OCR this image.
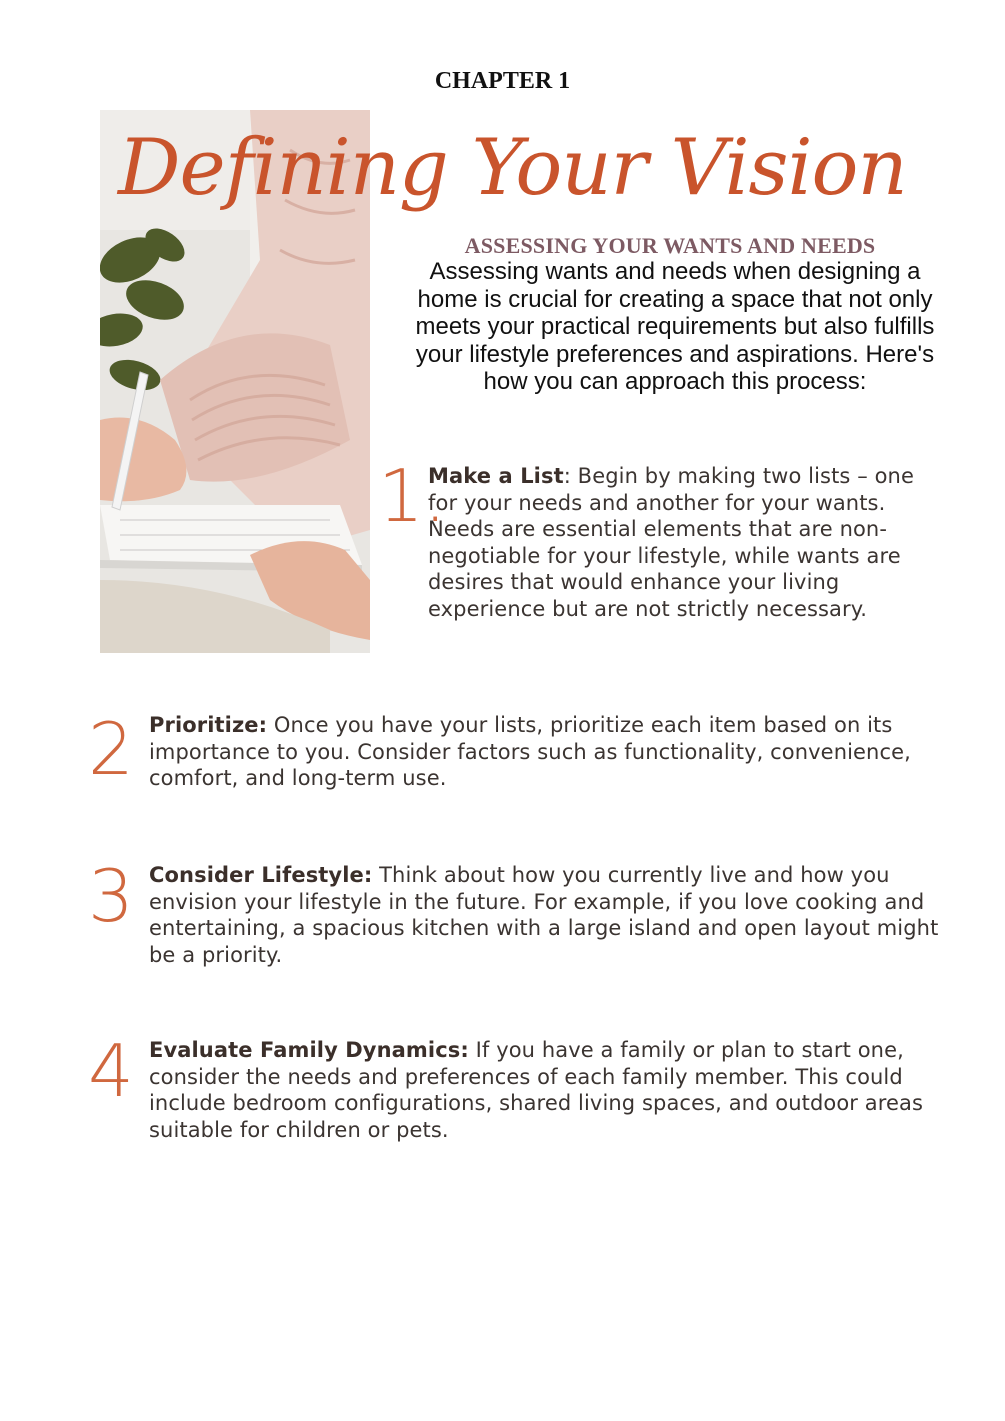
CHAPTER 1
Defining Your Vision
ASSESSING YOUR WANTS AND NEEDS
Assessing wants and needs when designing a home is crucial for creating a space that not only meets your practical requirements but also fulfills your lifestyle preferences and aspirations. Here's how you can approach this process:
1.
Make a List: Begin by making two lists – one for your needs and another for your wants. Needs are essential elements that are non-negotiable for your lifestyle, while wants are desires that would enhance your living experience but are not strictly necessary.
2 Prioritize: Once you have your lists, prioritize each item based on its importance to you. Consider factors such as functionality, convenience, comfort, and long-term use.
3 Consider Lifestyle: Think about how you currently live and how you envision your lifestyle in the future. For example, if you love cooking and entertaining, a spacious kitchen with a large island and open layout might be a priority.
4 Evaluate Family Dynamics: If you have a family or plan to start one, consider the needs and preferences of each family member. This could include bedroom configurations, shared living spaces, and outdoor areas suitable for children or pets.
